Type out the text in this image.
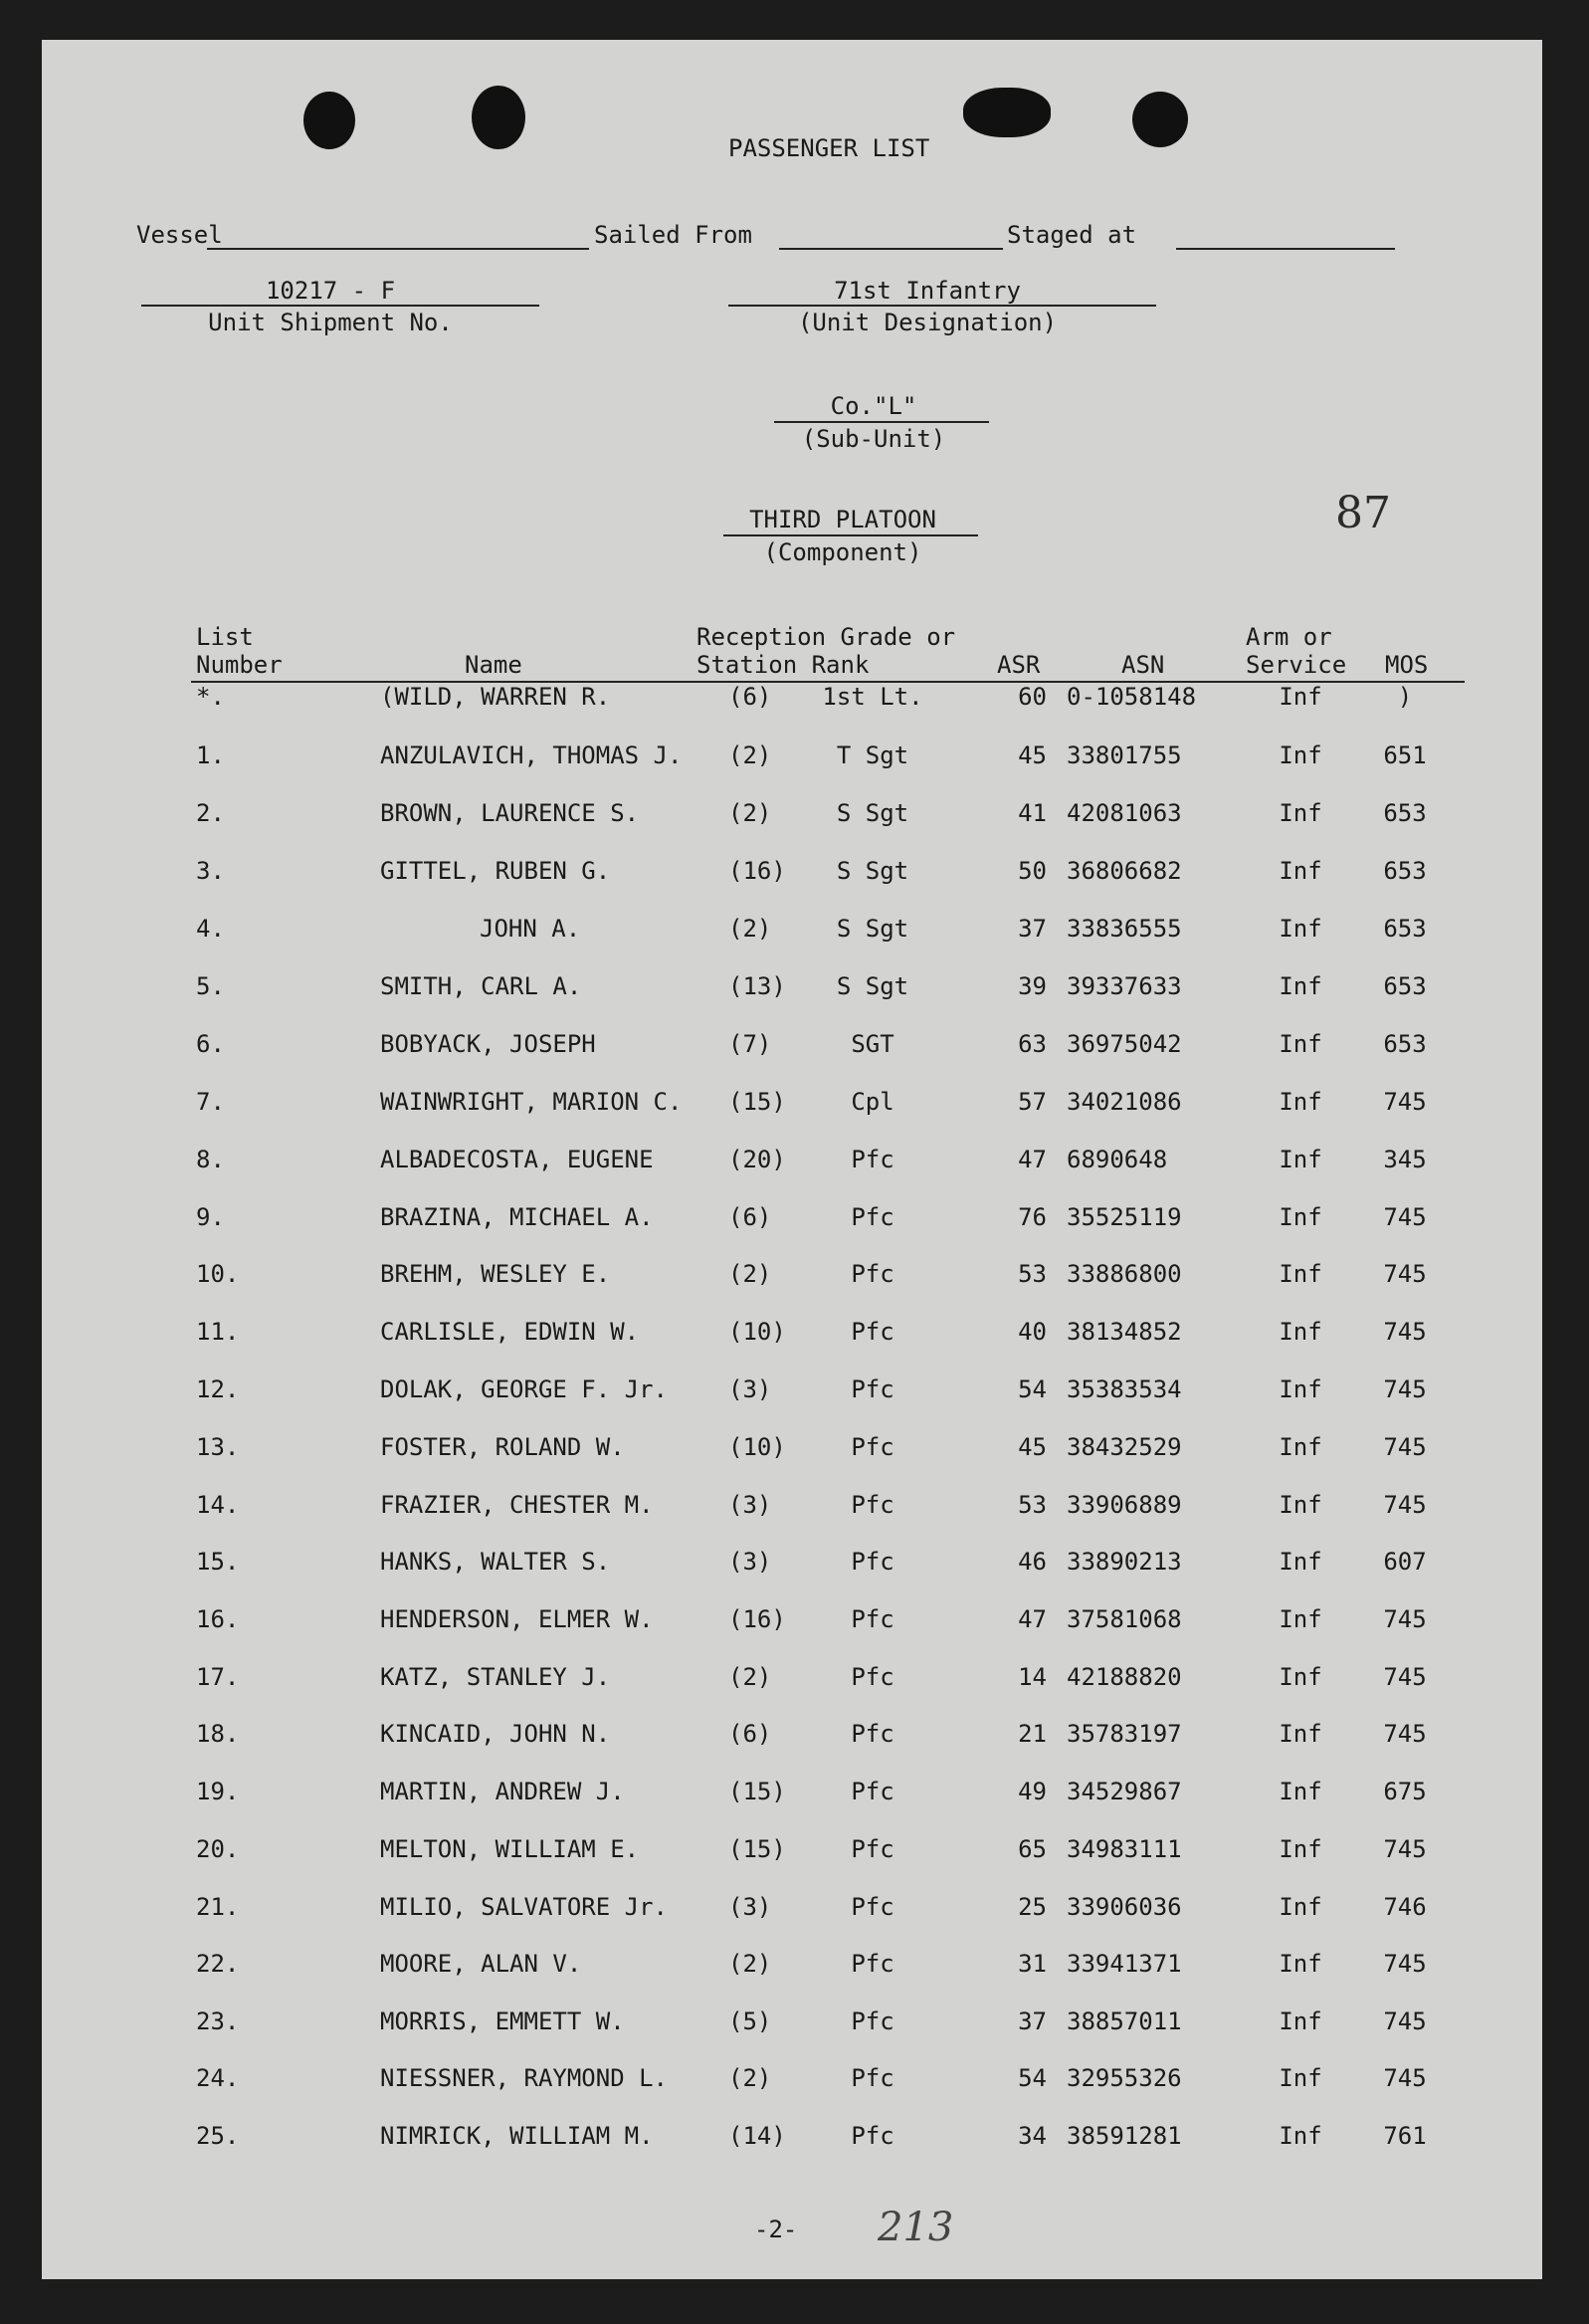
PASSENGER LIST
Vessel	Sailed From	Staged at
10217 - F
Unit Shipment No.
71st Infantry
(Unit Designation)
Co."L"
(Sub-Unit)
THIRD PLATOON
(Component)
87
List
Number	Name
Reception Grade or
Station Rank	ASR	ASN
Arm or
Service MOS
*.	(WILD, WARREN R.	(6)	1st Lt.	60 0-1058148	Inf	)
1.	ANZULAVICH, THOMAS J. (2)	T Sgt	45 33801755	Inf	651
2.	BROWN, LAURENCE S.	(2)	S Sgt	41 42081063	Inf	653
3.	GITTEL, RUBEN G.	(16)	S Sgt	50 36806682	Inf	653
4.	JOHN A.	(2)	S Sgt	37 33836555	Inf	653
5.	SMITH, CARL A.	(13)	S Sgt	39 39337633	Inf	653
6.	BOBYACK, JOSEPH	(7)	SGT	63 36975042	Inf	653
7.	WAINWRIGHT, MARION C. (15)	Cpl	57 34021086	Inf	745
8.	ALBADECOSTA, EUGENE	(20)	Pfc	47 6890648	Inf	345
9.	BRAZINA, MICHAEL A.	(6)	Pfc	76 35525119	Inf	745
10.	BREHM, WESLEY E.	(2)	Pfc	53 33886800	Inf	745
11.	CARLISLE, EDWIN W.	(10)	Pfc	40 38134852	Inf	745
12.	DOLAK, GEORGE F. Jr.	(3)	Pfc	54 35383534	Inf	745
13.	FOSTER, ROLAND W.	(10)	Pfc	45 38432529	Inf	745
14.	FRAZIER, CHESTER M.	(3)	Pfc	53 33906889	Inf	745
15.	HANKS, WALTER S.	(3)	Pfc	46 33890213	Inf	607
16.	HENDERSON, ELMER W.	(16)	Pfc	47 37581068	Inf	745
17.	KATZ, STANLEY J.	(2)	Pfc	14 42188820	Inf	745
18.	KINCAID, JOHN N.	(6)	Pfc	21 35783197	Inf	745
19.	MARTIN, ANDREW J.	(15)	Pfc	49 34529867	Inf	675
20.	MELTON, WILLIAM E.	(15)	Pfc	65 34983111	Inf	745
21.	MILIO, SALVATORE Jr.	(3)	Pfc	25 33906036	Inf	746
22.	MOORE, ALAN V.	(2)	Pfc	31 33941371	Inf	745
23.	MORRIS, EMMETT W.	(5)	Pfc	37 38857011	Inf	745
24.	NIESSNER, RAYMOND L.	(2)	Pfc	54 32955326	Inf	745
25.	NIMRICK, WILLIAM M.	(14)	Pfc	34 38591281	Inf	761
-2- 213
